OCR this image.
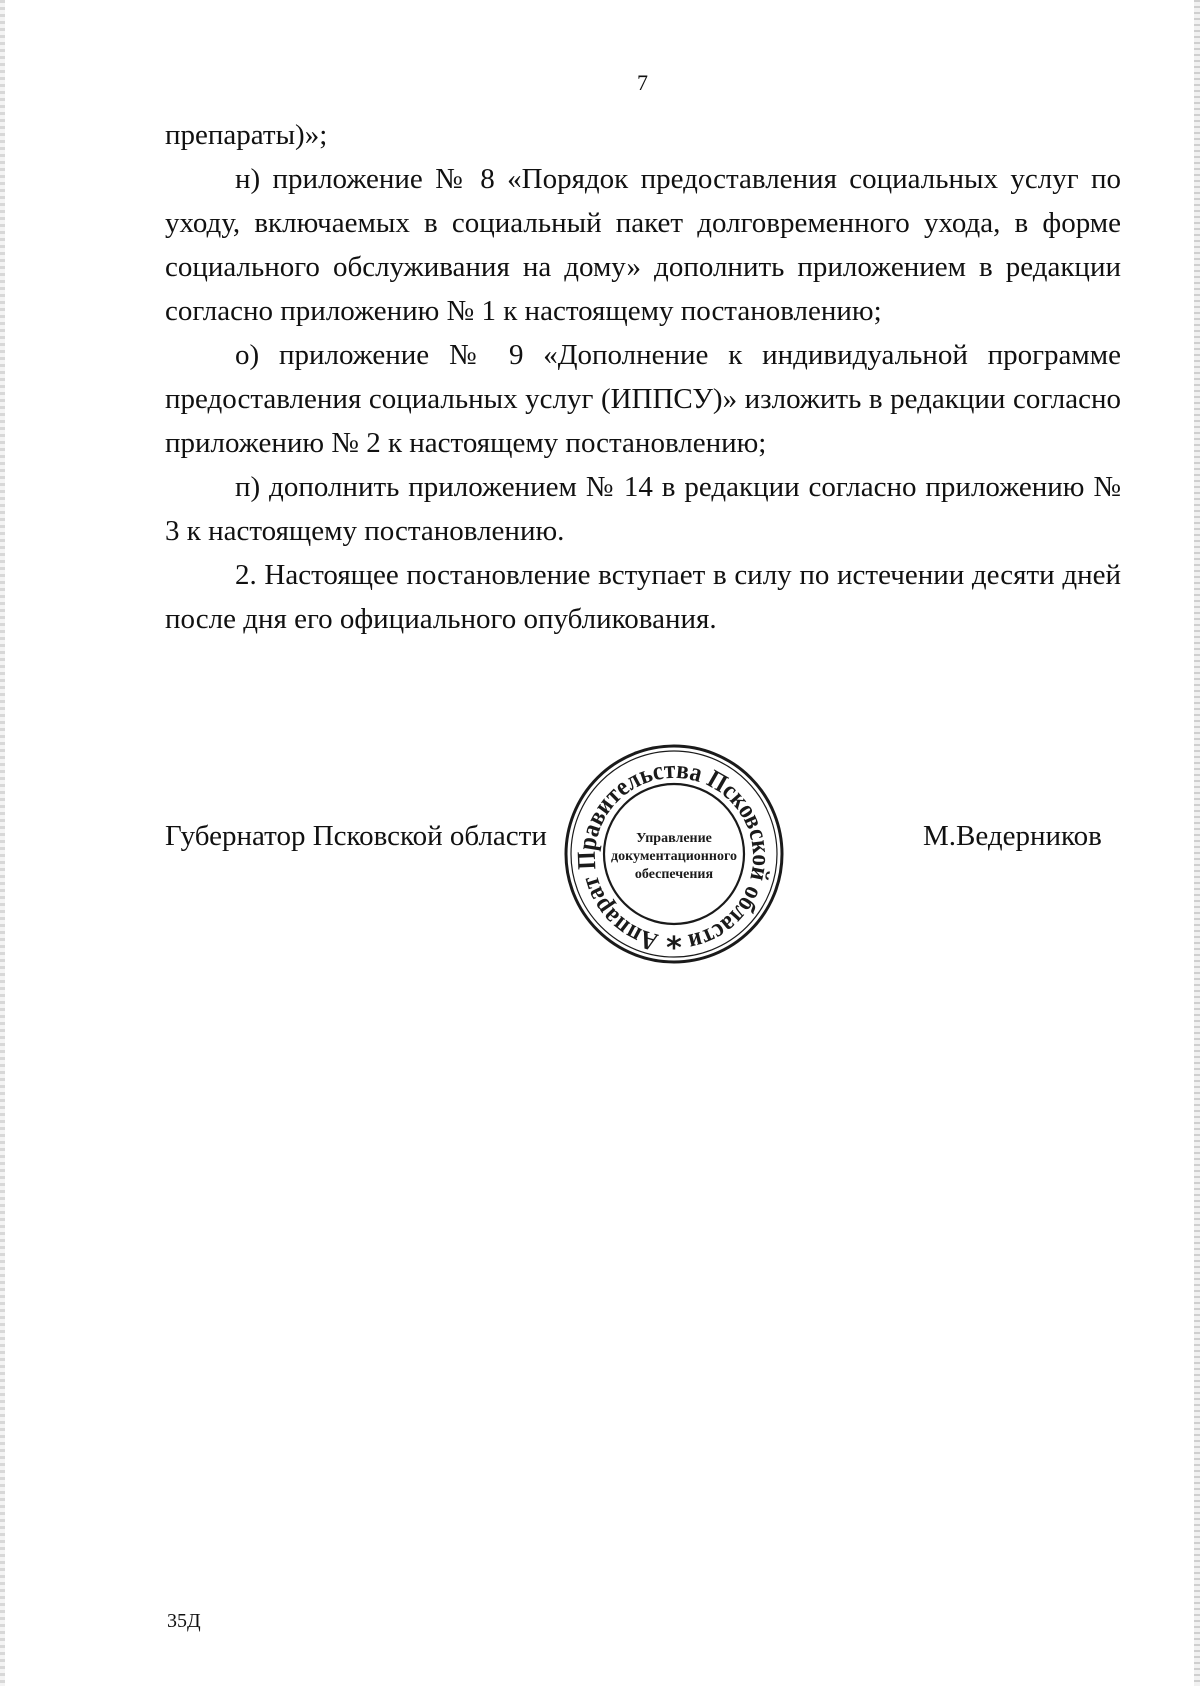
7

препараты)»;

н) приложение № 8 «Порядок предоставления социальных услуг по уходу, включаемых в социальный пакет долговременного ухода, в форме социального обслуживания на дому» дополнить приложением в редакции согласно приложению № 1 к настоящему постановлению;

о) приложение № 9 «Дополнение к индивидуальной программе предоставления социальных услуг (ИППСУ)» изложить в редакции согласно приложению № 2 к настоящему постановлению;

п) дополнить приложением № 14 в редакции согласно приложению № 3 к настоящему постановлению.

2. Настоящее постановление вступает в силу по истечении десяти дней после дня его официального опубликования.

Губернатор Псковской области	М.Ведерников
Аппарат Правительства Псковской области
Управление
документационного
обеспечения
*
35Д
